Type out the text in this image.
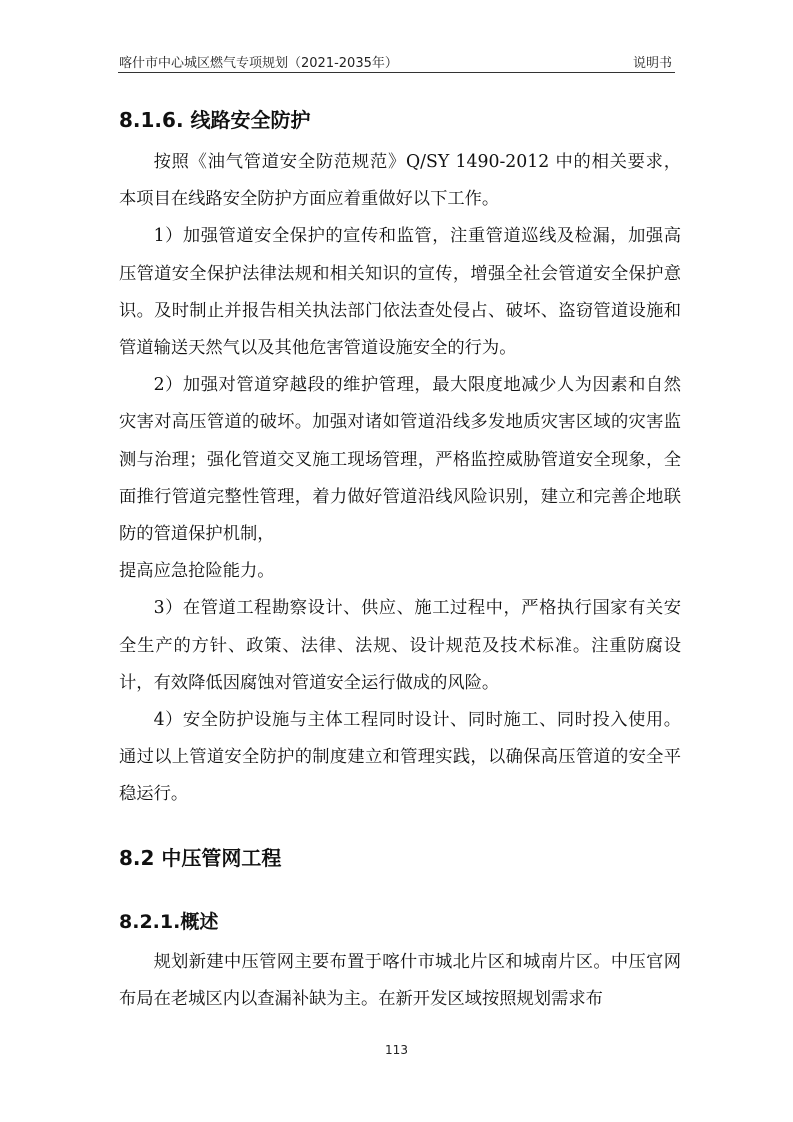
喀什市中心城区燃气专项规划（2021-2035年）	说明书
8.1.6. 线路安全防护

按照《油气管道安全防范规范》Q/SY 1490-2012 中的相关要求，本项目在线路安全防护方面应着重做好以下工作。

1）加强管道安全保护的宣传和监管，注重管道巡线及检漏，加强高压管道安全保护法律法规和相关知识的宣传，增强全社会管道安全保护意识。及时制止并报告相关执法部门依法查处侵占、破坏、盗窃管道设施和管道输送天然气以及其他危害管道设施安全的行为。

2）加强对管道穿越段的维护管理，最大限度地减少人为因素和自然灾害对高压管道的破坏。加强对诸如管道沿线多发地质灾害区域的灾害监测与治理；强化管道交叉施工现场管理，严格监控威胁管道安全现象，全面推行管道完整性管理，着力做好管道沿线风险识别，建立和完善企地联防的管道保护机制，

提高应急抢险能力。

3）在管道工程勘察设计、供应、施工过程中，严格执行国家有关安全生产的方针、政策、法律、法规、设计规范及技术标准。注重防腐设计，有效降低因腐蚀对管道安全运行做成的风险。

4）安全防护设施与主体工程同时设计、同时施工、同时投入使用。通过以上管道安全防护的制度建立和管理实践，以确保高压管道的安全平稳运行。

8.2 中压管网工程
8.2.1.概述

规划新建中压管网主要布置于喀什市城北片区和城南片区。中压官网布局在老城区内以查漏补缺为主。在新开发区域按照规划需求布

113
